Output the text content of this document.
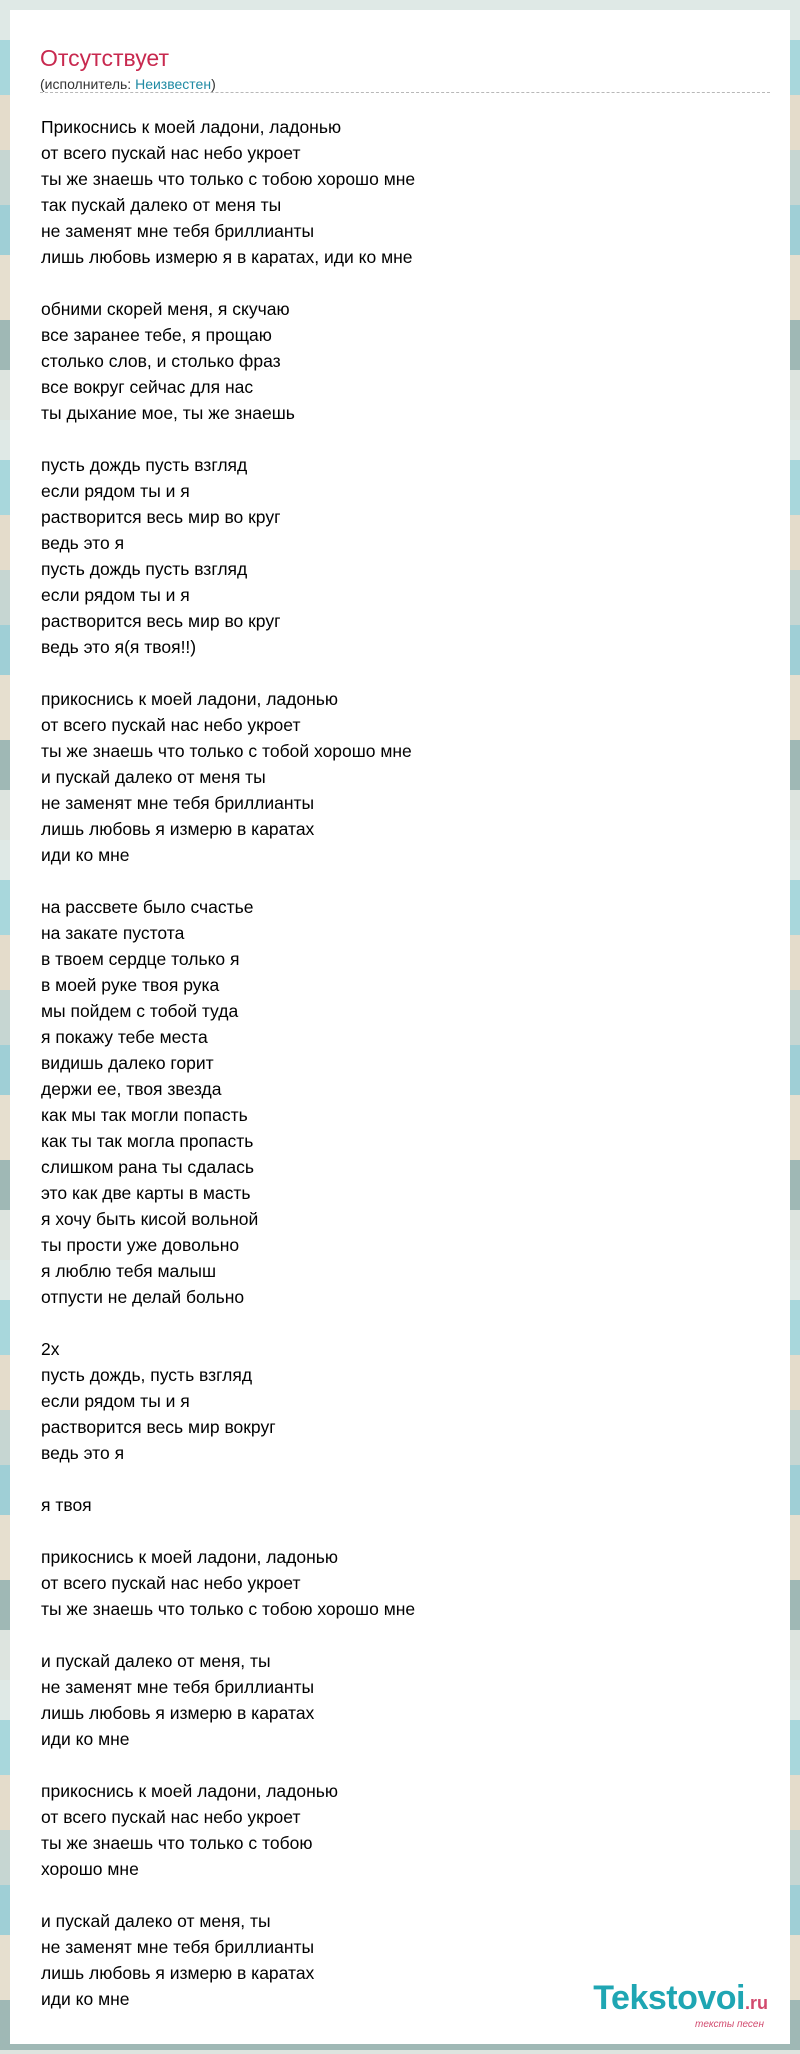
Отсутствует
(исполнитель: Неизвестен)
Прикоснись к моей ладони, ладонью
от всего пускай нас небо укроет
ты же знаешь что только с тобою хорошо мне
так пускай далеко от меня ты
не заменят мне тебя бриллианты
лишь любовь измерю я в каратах, иди ко мне
обними скорей меня, я скучаю
все заранее тебе, я прощаю
столько слов, и столько фраз
все вокруг сейчас для нас
ты дыхание мое, ты же знаешь
пусть дождь пусть взгляд
если рядом ты и я
растворится весь мир во круг
ведь это я
пусть дождь пусть взгляд
если рядом ты и я
растворится весь мир во круг
ведь это я(я твоя!!)
прикоснись к моей ладони, ладонью
от всего пускай нас небо укроет
ты же знаешь что только с тобой хорошо мне
и пускай далеко от меня ты
не заменят мне тебя бриллианты
лишь любовь я измерю в каратах
иди ко мне
на рассвете было счастье
на закате пустота
в твоем сердце только я
в моей руке твоя рука
мы пойдем с тобой туда
я покажу тебе места
видишь далеко горит
держи ее, твоя звезда
как мы так могли попасть
как ты так могла пропасть
слишком рана ты сдалась
это как две карты в масть
я хочу быть кисой вольной
ты прости уже довольно
я люблю тебя малыш
отпусти не делай больно
2х
пусть дождь, пусть взгляд
если рядом ты и я
растворится весь мир вокруг
ведь это я
я твоя
прикоснись к моей ладони, ладонью
от всего пускай нас небо укроет
ты же знаешь что только с тобою хорошо мне
и пускай далеко от меня, ты
не заменят мне тебя бриллианты
лишь любовь я измерю в каратах
иди ко мне
прикоснись к моей ладони, ладонью
от всего пускай нас небо укроет
ты же знаешь что только с тобою
хорошо мне
и пускай далеко от меня, ты
не заменят мне тебя бриллианты
лишь любовь я измерю в каратах
иди ко мне	Tekstovoi.ru
тексты песен
